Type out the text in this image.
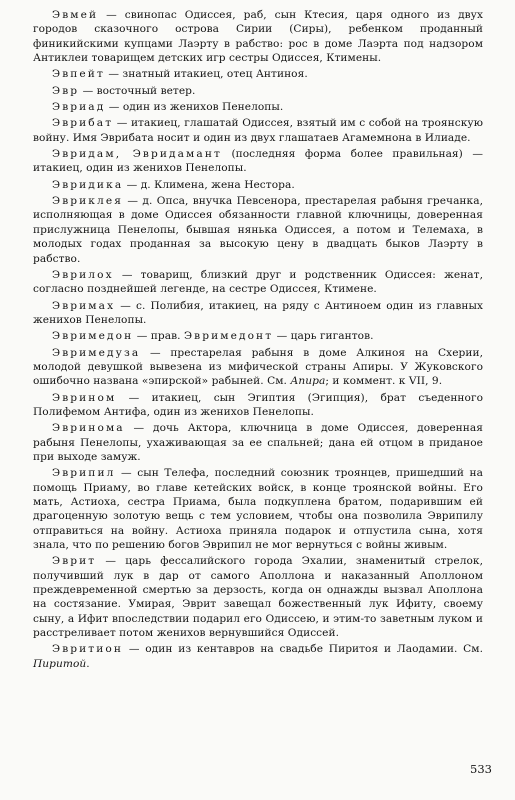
Эвмей — свинопас Одиссея, раб, сын Ктесия, царя одного из двух городов сказочного острова Сирии (Сиры), ребенком проданный финикийскими купцами Лаэрту в рабство: рос в доме Лаэрта под надзором Антиклеи товарищем детских игр сестры Одиссея, Ктимены.

Эвпейт — знатный итакиец, отец Антиноя.

Эвр — восточный ветер.

Эвриад — один из женихов Пенелопы.

Эврибат — итакиец, глашатай Одиссея, взятый им с собой на троянскую войну. Имя Эврибата носит и один из двух глашатаев Агамемнона в Илиаде.

Эвридам, Эвридамант (последняя форма более правильная) — итакиец, один из женихов Пенелопы.

Эвридика — д. Климена, жена Нестора.

Эвриклея — д. Опса, внучка Певсенора, престарелая рабыня гречанка, исполняющая в доме Одиссея обязанности главной ключницы, доверенная прислужница Пенелопы, бывшая нянька Одиссея, а потом и Телемаха, в молодых годах проданная за высокую цену в двадцать быков Лаэрту в рабство.

Эврилох — товарищ, близкий друг и родственник Одиссея: женат, согласно позднейшей легенде, на сестре Одиссея, Ктимене.

Эвримах — с. Полибия, итакиец, на ряду с Антиноем один из главных женихов Пенелопы.

Эвримедон — прав. Эвримедонт — царь гигантов.

Эвримедуза — престарелая рабыня в доме Алкиноя на Схерии, молодой девушкой вывезена из мифической страны Апиры. У Жуковского ошибочно названа «эпирской» рабыней. См. Апира; и коммент. к VII, 9.

Эврином — итакиец, сын Эгиптия (Эгипция), брат съеденного Полифемом Антифа, один из женихов Пенелопы.

Эвринома — дочь Актора, ключница в доме Одиссея, доверенная рабыня Пенелопы, ухаживающая за ее спальней; дана ей отцом в приданое при выходе замуж.

Эврипил — сын Телефа, последний союзник троянцев, пришедший на помощь Приаму, во главе кетейских войск, в конце троянской войны. Его мать, Астиоха, сестра Приама, была подкуплена братом, подарившим ей драгоценную золотую вещь с тем условием, чтобы она позволила Эврипилу отправиться на войну. Астиоха приняла подарок и отпустила сына, хотя знала, что по решению богов Эврипил не мог вернуться с войны живым.

Эврит — царь фессалийского города Эхалии, знаменитый стрелок, получивший лук в дар от самого Аполлона и наказанный Аполлоном преждевременной смертью за дерзость, когда он однажды вызвал Аполлона на состязание. Умирая, Эврит завещал божественный лук Ифиту, своему сыну, а Ифит впоследствии подарил его Одиссею, и этим-то заветным луком и расстреливает потом женихов вернувшийся Одиссей.

Эвритион — один из кентавров на свадьбе Пиритоя и Лаодамии. См. Пиритой.

533
